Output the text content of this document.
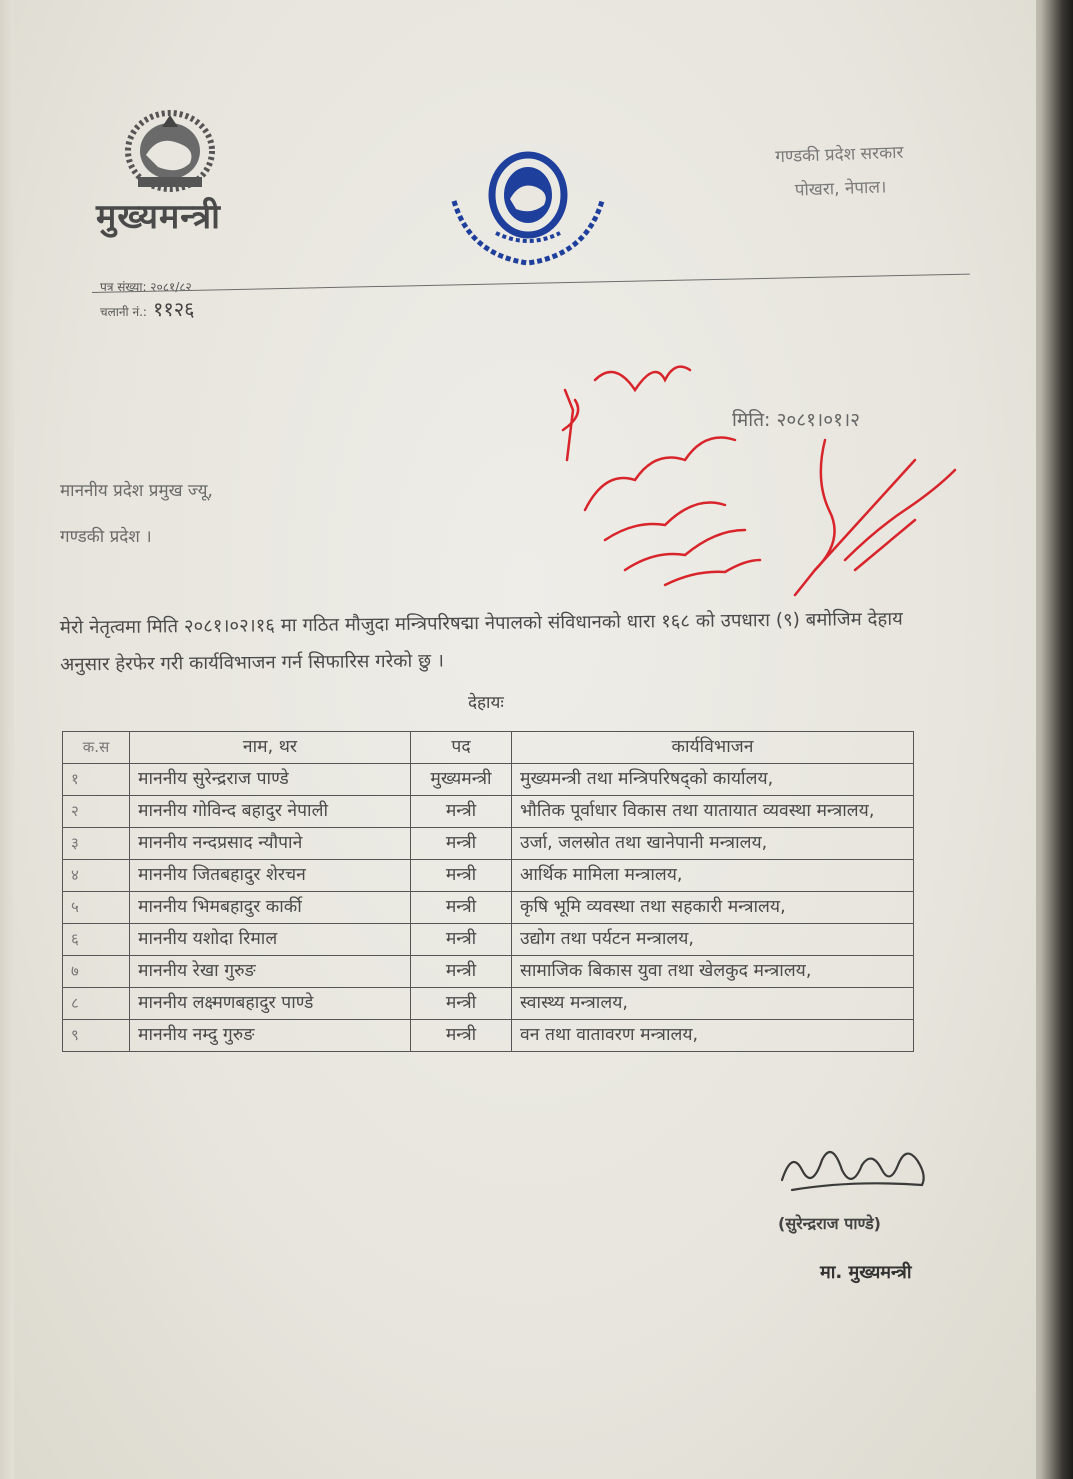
मुख्यमन्त्री
गण्डकी प्रदेश सरकार
पोखरा, नेपाल।
पत्र संख्या: २०८१/८२
चलानी नं.: ११२६
मिति: २०८१।०१।२
माननीय प्रदेश प्रमुख ज्यू,
गण्डकी प्रदेश ।
मेरो नेतृत्वमा मिति २०८१।०२।१६ मा गठित मौजुदा मन्त्रिपरिषद्मा नेपालको संविधानको धारा १६८ को उपधारा (९) बमोजिम देहाय अनुसार हेरफेर गरी कार्यविभाजन गर्न सिफारिस गरेको छु ।
देहायः
क.स	नाम, थर	पद	कार्यविभाजन
१	माननीय सुरेन्द्रराज पाण्डे	मुख्यमन्त्री	मुख्यमन्त्री तथा मन्त्रिपरिषद्को कार्यालय,
२	माननीय गोविन्द बहादुर नेपाली	मन्त्री	भौतिक पूर्वाधार विकास तथा यातायात व्यवस्था मन्त्रालय,
३	माननीय नन्दप्रसाद न्यौपाने	मन्त्री	उर्जा, जलस्रोत तथा खानेपानी मन्त्रालय,
४	माननीय जितबहादुर शेरचन	मन्त्री	आर्थिक मामिला मन्त्रालय,
५	माननीय भिमबहादुर कार्की	मन्त्री	कृषि भूमि व्यवस्था तथा सहकारी मन्त्रालय,
६	माननीय यशोदा रिमाल	मन्त्री	उद्योग तथा पर्यटन मन्त्रालय,
७	माननीय रेखा गुरुङ	मन्त्री	सामाजिक बिकास युवा तथा खेलकुद मन्त्रालय,
८	माननीय लक्ष्मणबहादुर पाण्डे	मन्त्री	स्वास्थ्य मन्त्रालय,
९	माननीय नम्दु गुरुङ	मन्त्री	वन तथा वातावरण मन्त्रालय,
(सुरेन्द्रराज पाण्डे)
मा. मुख्यमन्त्री
